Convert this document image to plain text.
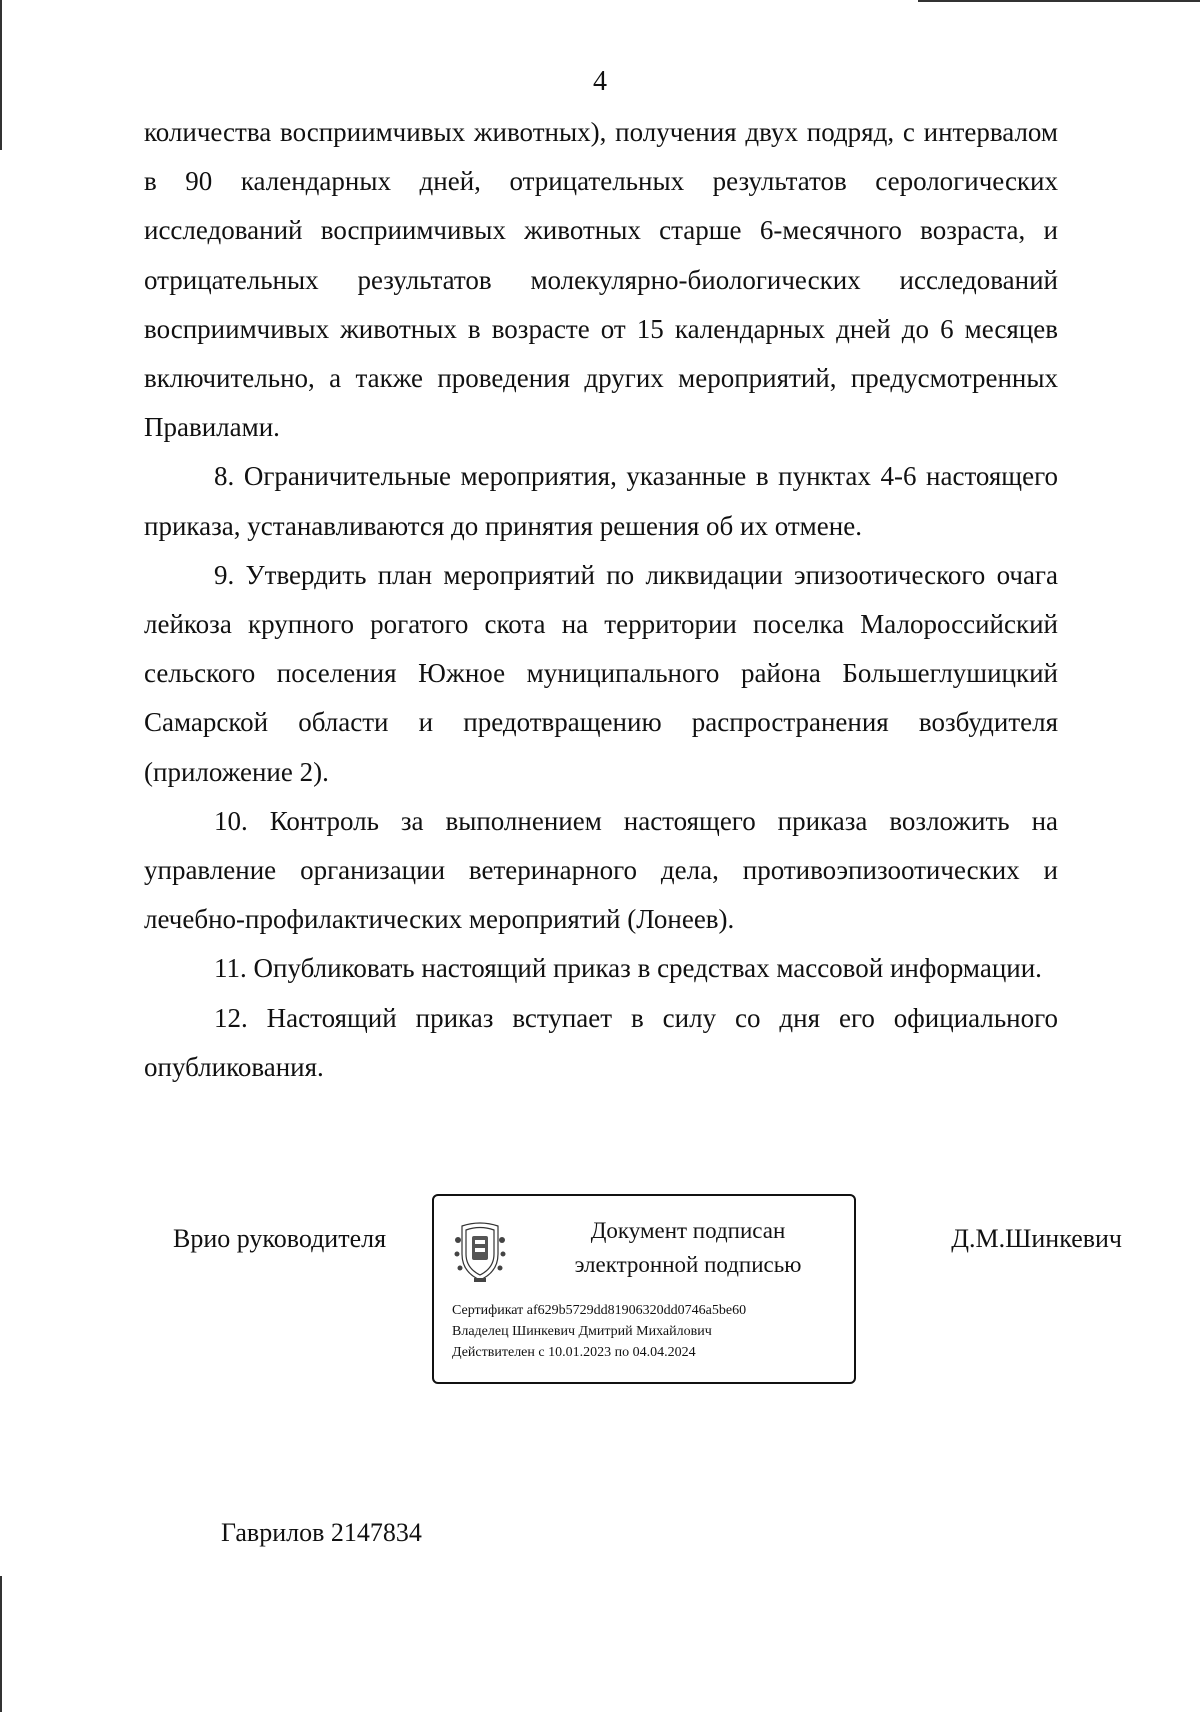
4

количества восприимчивых животных), получения двух подряд, с интервалом в 90 календарных дней, отрицательных результатов серологических исследований восприимчивых животных старше 6-месячного возраста, и отрицательных результатов молекулярно-биологических исследований восприимчивых животных в возрасте от 15 календарных дней до 6 месяцев включительно, а также проведения других мероприятий, предусмотренных Правилами.

8. Ограничительные мероприятия, указанные в пунктах 4-6 настоящего приказа, устанавливаются до принятия решения об их отмене.

9. Утвердить план мероприятий по ликвидации эпизоотического очага лейкоза крупного рогатого скота на территории поселка Малороссийский сельского поселения Южное муниципального района Большеглушицкий Самарской области и предотвращению распространения возбудителя (приложение 2).

10. Контроль за выполнением настоящего приказа возложить на управление организации ветеринарного дела, противоэпизоотических и лечебно-профилактических мероприятий (Лонеев).

11. Опубликовать настоящий приказ в средствах массовой информации.

12. Настоящий приказ вступает в силу со дня его официального опубликования.

Врио руководителя	Документ подписан
электронной подписью
Сертификат af629b5729dd81906320dd0746a5be60
Владелец Шинкевич Дмитрий Михайлович
Действителен с 10.01.2023 по 04.04.2024
Д.М.Шинкевич
Гаврилов 2147834
